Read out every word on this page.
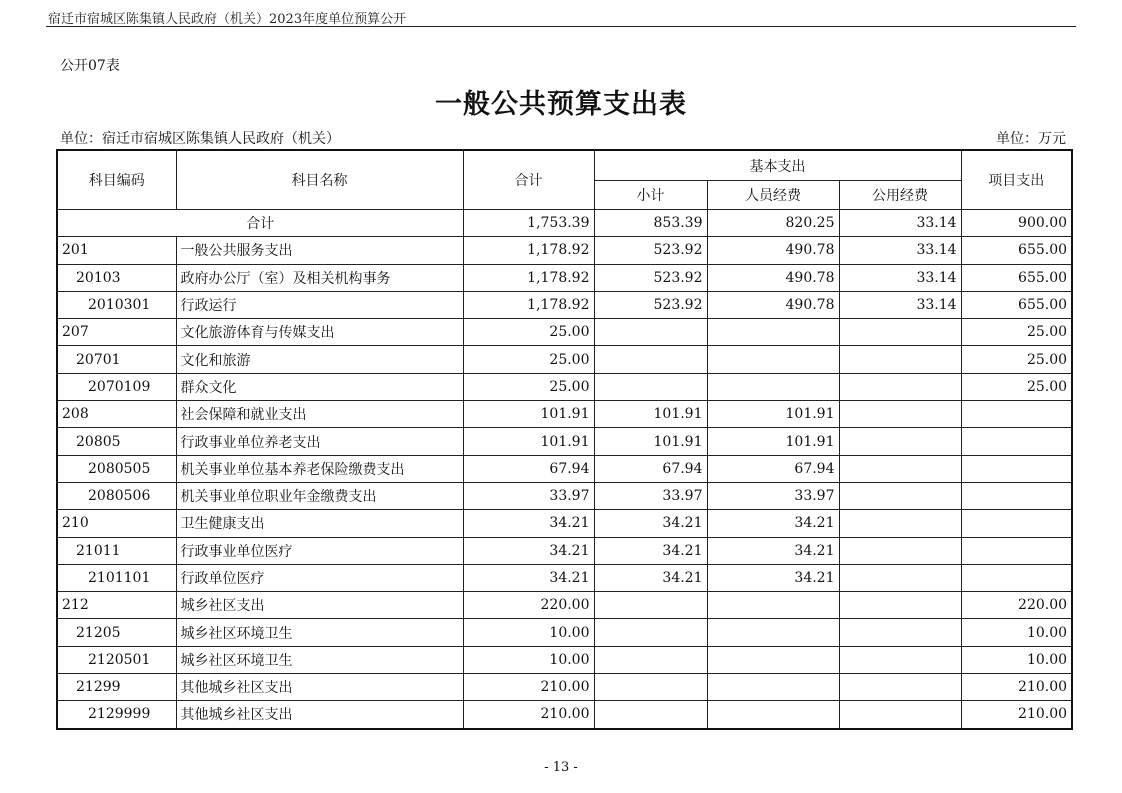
宿迁市宿城区陈集镇人民政府（机关）2023年度单位预算公开
公开07表
一般公共预算支出表
单位：宿迁市宿城区陈集镇人民政府（机关）	单位：万元
科目编码	科目名称	合计	基本支出			项目支出
			小计	人员经费	公用经费	
合计		1,753.39	853.39	820.25	33.14	900.00
201	一般公共服务支出	1,178.92	523.92	490.78	33.14	655.00
20103	政府办公厅（室）及相关机构事务	1,178.92	523.92	490.78	33.14	655.00
2010301	行政运行	1,178.92	523.92	490.78	33.14	655.00
207	文化旅游体育与传媒支出	25.00				25.00
20701	文化和旅游	25.00				25.00
2070109	群众文化	25.00				25.00
208	社会保障和就业支出	101.91	101.91	101.91		
20805	行政事业单位养老支出	101.91	101.91	101.91		
2080505	机关事业单位基本养老保险缴费支出	67.94	67.94	67.94		
2080506	机关事业单位职业年金缴费支出	33.97	33.97	33.97		
210	卫生健康支出	34.21	34.21	34.21		
21011	行政事业单位医疗	34.21	34.21	34.21		
2101101	行政单位医疗	34.21	34.21	34.21		
212	城乡社区支出	220.00				220.00
21205	城乡社区环境卫生	10.00				10.00
2120501	城乡社区环境卫生	10.00				10.00
21299	其他城乡社区支出	210.00				210.00
2129999	其他城乡社区支出	210.00				210.00
- 13 -
